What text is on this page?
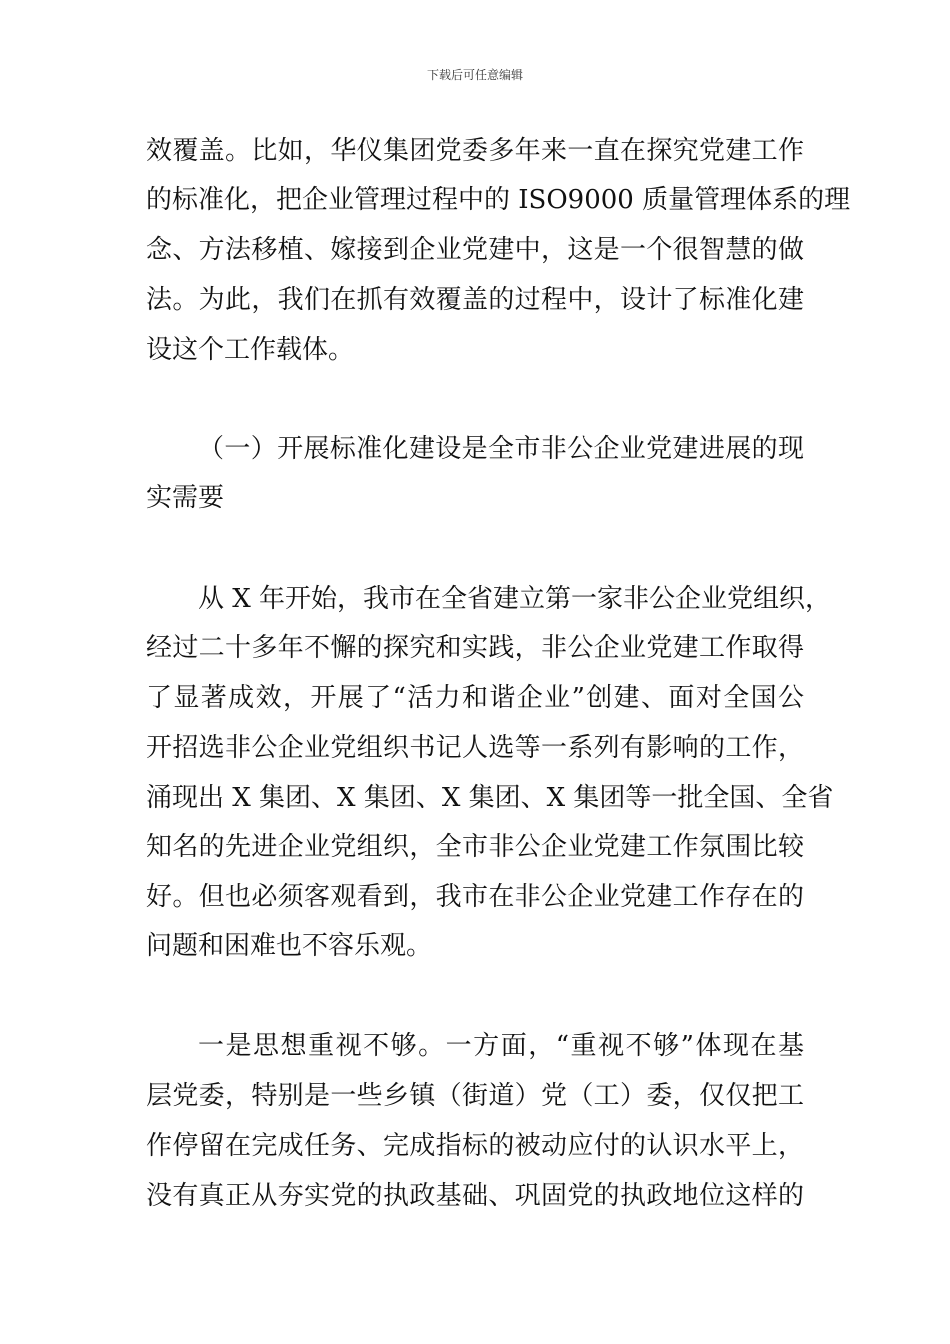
下载后可任意编辑

效覆盖。比如，华仪集团党委多年来一直在探究党建工作

的标准化，把企业管理过程中的 ISO9000 质量管理体系的理

念、方法移植、嫁接到企业党建中，这是一个很智慧的做

法。为此，我们在抓有效覆盖的过程中，设计了标准化建

设这个工作载体。

（一）开展标准化建设是全市非公企业党建进展的现

实需要

从 X 年开始，我市在全省建立第一家非公企业党组织，

经过二十多年不懈的探究和实践，非公企业党建工作取得

了显著成效，开展了“活力和谐企业”创建、面对全国公

开招选非公企业党组织书记人选等一系列有影响的工作，

涌现出 X 集团、X 集团、X 集团、X 集团等一批全国、全省

知名的先进企业党组织，全市非公企业党建工作氛围比较

好。但也必须客观看到，我市在非公企业党建工作存在的

问题和困难也不容乐观。

一是思想重视不够。一方面，“重视不够”体现在基

层党委，特别是一些乡镇（街道）党（工）委，仅仅把工

作停留在完成任务、完成指标的被动应付的认识水平上，

没有真正从夯实党的执政基础、巩固党的执政地位这样的
